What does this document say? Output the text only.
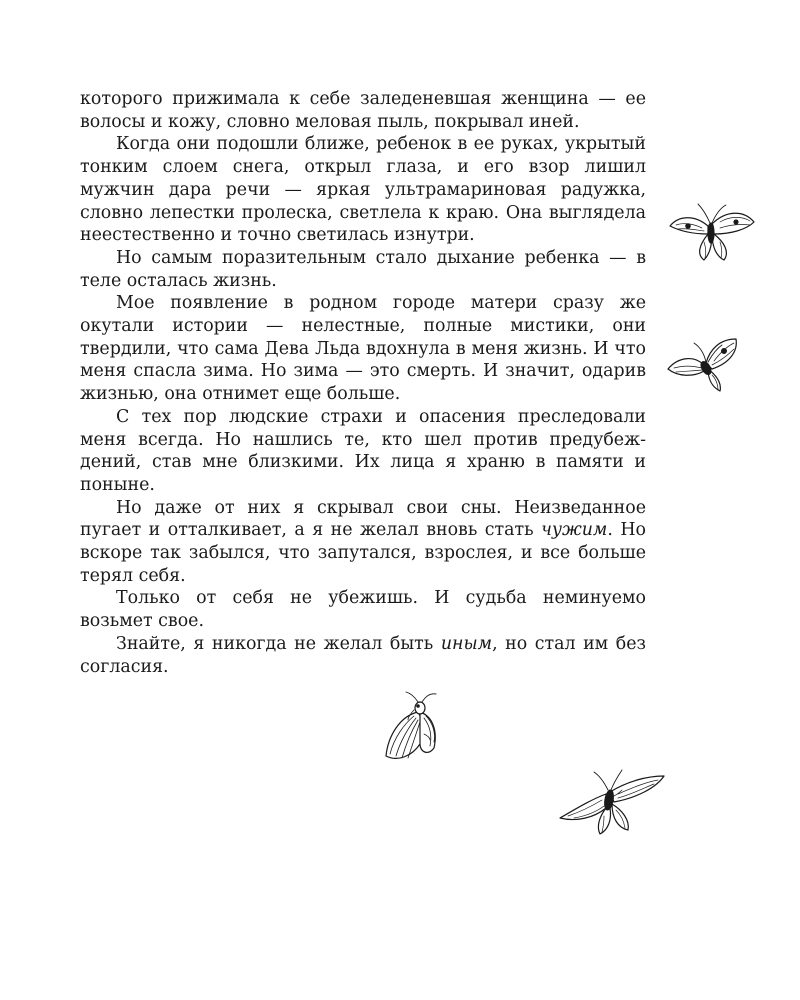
которого прижимала к себе заледеневшая женщина — ее волосы и кожу, словно меловая пыль, покрывал иней.

Когда они подошли ближе, ребенок в ее руках, укрытый тонким слоем снега, открыл глаза, и его взор лишил мужчин дара речи — яркая ультрамариновая радужка, словно лепестки пролеска, светлела к краю. Она выглядела неестественно и точно светилась изнутри.

Но самым поразительным стало дыхание ребенка — в теле осталась жизнь.

Мое появление в родном городе матери сразу же окутали истории — нелестные, полные мистики, они твердили, что сама Дева Льда вдохнула в меня жизнь. И что меня спасла зима. Но зима — это смерть. И значит, одарив жизнью, она отнимет еще больше.

С тех пор людские страхи и опасения преследовали меня всегда. Но нашлись те, кто шел против предубеждений, став мне близкими. Их лица я храню в памяти и поныне.

Но даже от них я скрывал свои сны. Неизведанное пугает и отталкивает, а я не желал вновь стать чужим. Но вскоре так забылся, что запутался, взрослея, и все больше терял себя.

Только от себя не убежишь. И судьба неминуемо возьмет свое.

Знайте, я никогда не желал быть иным, но стал им без согласия.
